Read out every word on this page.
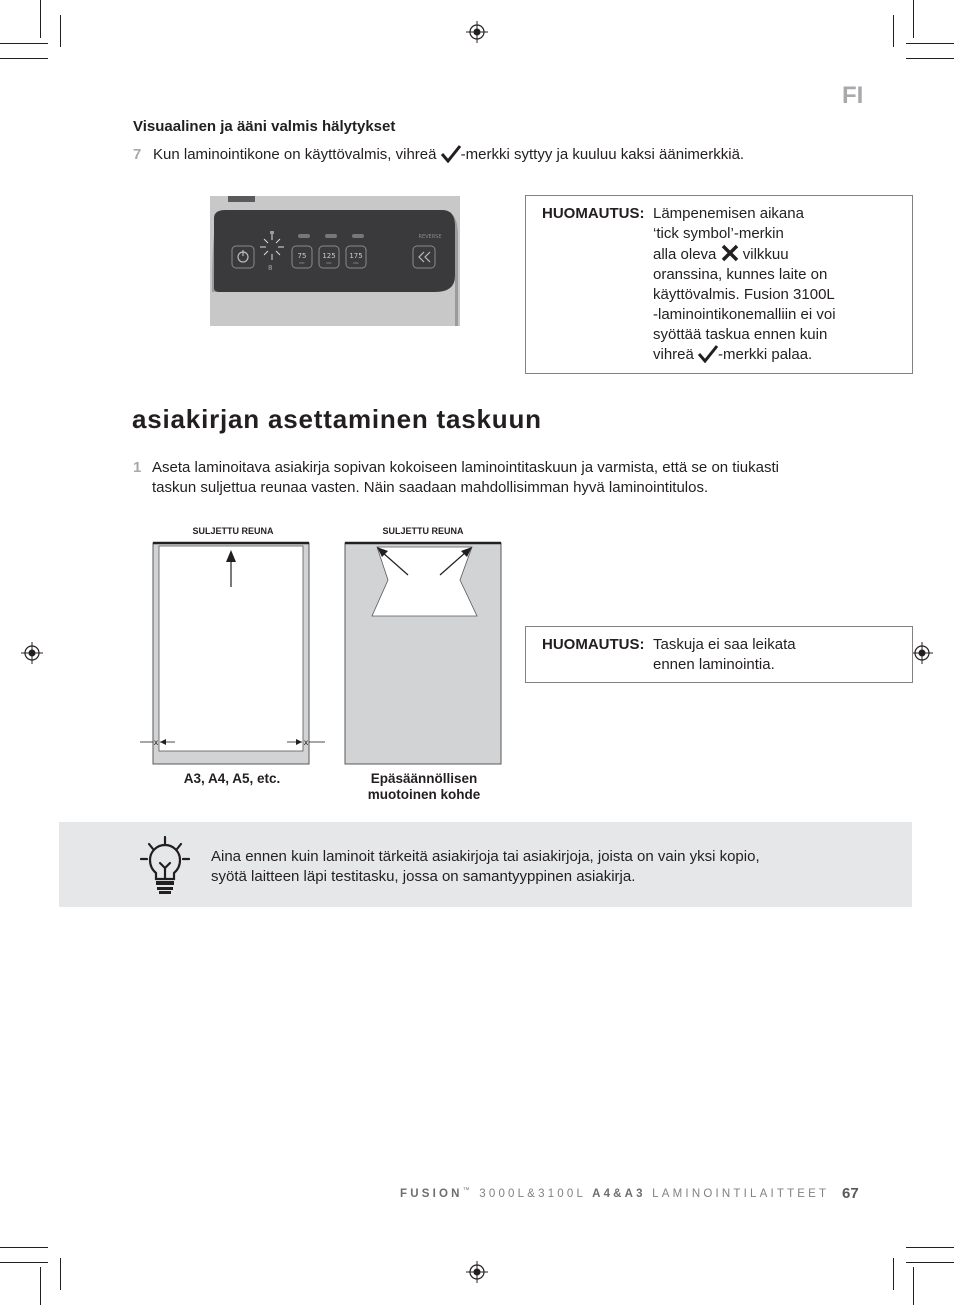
FI
Visuaalinen ja ääni valmis hälytykset
7 Kun laminointikone on käyttövalmis, vihreä -merkki syttyy ja kuuluu kaksi äänimerkkiä.
8
75 125 175
MIC	MIC	MIC
REVERSE
HUOMAUTUS: Lämpenemisen aikana
‘tick symbol’-merkin
alla oleva vilkkuu
oranssina, kunnes laite on
käyttövalmis. Fusion 3100L
-laminointikonemalliin ei voi
syöttää taskua ennen kuin
vihreä -merkki palaa.
asiakirjan asettaminen taskuun
1 Aseta laminoitava asiakirja sopivan kokoiseen laminointitaskuun ja varmista, että se on tiukasti
taskun suljettua reunaa vasten. Näin saadaan mahdollisimman hyvä laminointitulos.
SULJETTU REUNA	SULJETTU REUNA
x	x
A3, A4, A5, etc.	Epäsäännöllisen
muotoinen kohde
HUOMAUTUS: Taskuja ei saa leikata
ennen laminointia.
Aina ennen kuin laminoit tärkeitä asiakirjoja tai asiakirjoja, joista on vain yksi kopio,
syötä laitteen läpi testitasku, jossa on samantyyppinen asiakirja.
FUSION™ 3000L&3100L A4&A3 LAMINOINTILAITTEET 67
